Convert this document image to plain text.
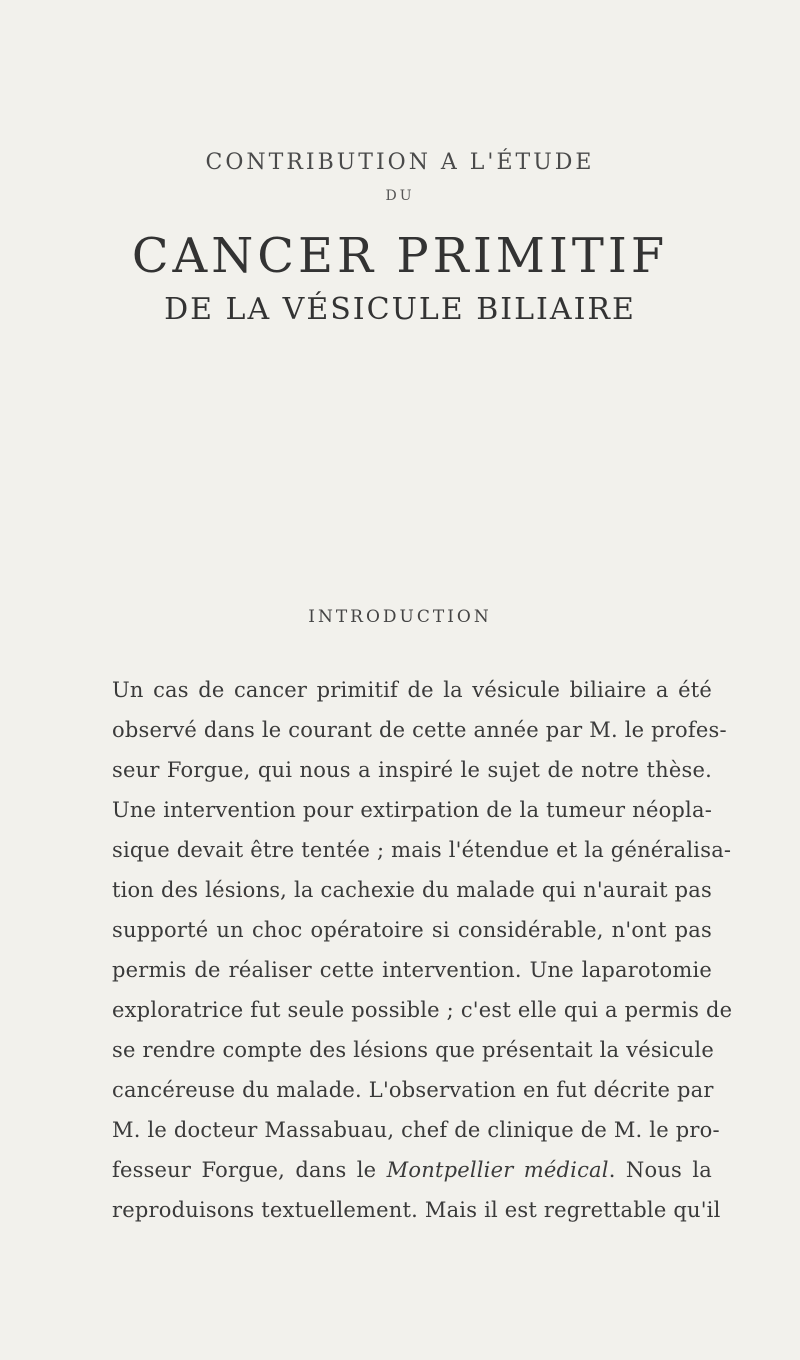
CONTRIBUTION A L'ÉTUDE
DU
CANCER PRIMITIF
DE LA VÉSICULE BILIAIRE
INTRODUCTION
Un cas de cancer primitif de la vésicule biliaire a été
observé dans le courant de cette année par M. le profes-
seur Forgue, qui nous a inspiré le sujet de notre thèse.
Une intervention pour extirpation de la tumeur néopla-
sique devait être tentée ; mais l'étendue et la généralisa-
tion des lésions, la cachexie du malade qui n'aurait pas
supporté un choc opératoire si considérable, n'ont pas
permis de réaliser cette intervention. Une laparotomie
exploratrice fut seule possible ; c'est elle qui a permis de
se rendre compte des lésions que présentait la vésicule
cancéreuse du malade. L'observation en fut décrite par
M. le docteur Massabuau, chef de clinique de M. le pro-
fesseur Forgue, dans le Montpellier médical. Nous la
reproduisons textuellement. Mais il est regrettable qu'il
